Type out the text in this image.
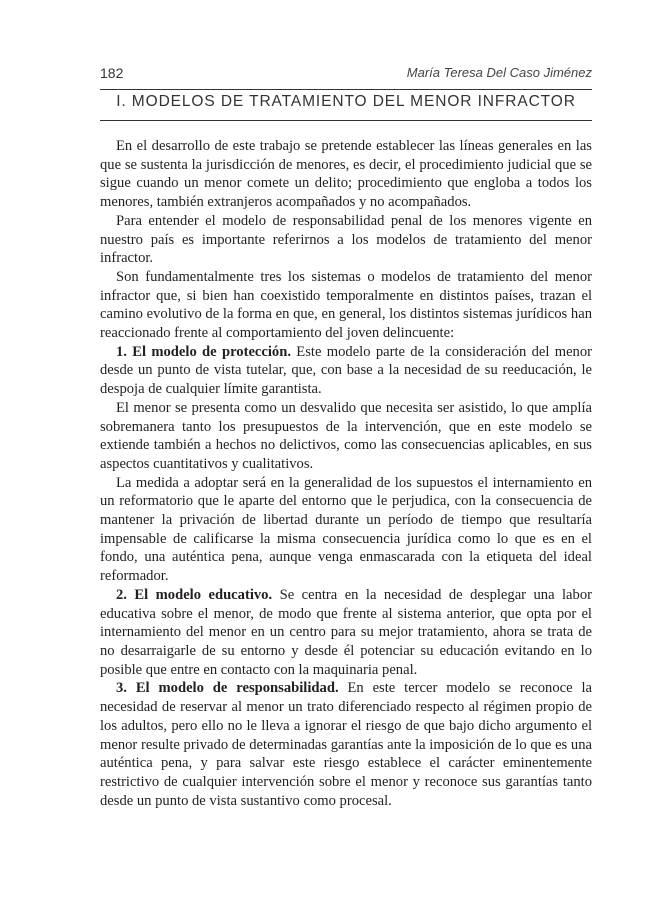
182	María Teresa Del Caso Jiménez
I. MODELOS DE TRATAMIENTO DEL MENOR INFRACTOR

En el desarrollo de este trabajo se pretende establecer las líneas generales en las que se sustenta la jurisdicción de menores, es decir, el procedimiento judicial que se sigue cuando un menor comete un delito; procedimiento que engloba a todos los menores, también extranjeros acompañados y no acompañados.

Para entender el modelo de responsabilidad penal de los menores vigente en nuestro país es importante referirnos a los modelos de tratamiento del menor infractor.

Son fundamentalmente tres los sistemas o modelos de tratamiento del menor infractor que, si bien han coexistido temporalmente en distintos países, trazan el camino evolutivo de la forma en que, en general, los distintos sistemas jurídicos han reaccionado frente al comportamiento del joven delincuente:

1. El modelo de protección. Este modelo parte de la consideración del menor desde un punto de vista tutelar, que, con base a la necesidad de su reeducación, le despoja de cualquier límite garantista.

El menor se presenta como un desvalido que necesita ser asistido, lo que amplía sobremanera tanto los presupuestos de la intervención, que en este modelo se extiende también a hechos no delictivos, como las consecuencias aplicables, en sus aspectos cuantitativos y cualitativos.

La medida a adoptar será en la generalidad de los supuestos el internamiento en un reformatorio que le aparte del entorno que le perjudica, con la consecuencia de mantener la privación de libertad durante un período de tiempo que resultaría impensable de calificarse la misma consecuencia jurídica como lo que es en el fondo, una auténtica pena, aunque venga enmascarada con la etiqueta del ideal reformador.

2. El modelo educativo. Se centra en la necesidad de desplegar una labor educativa sobre el menor, de modo que frente al sistema anterior, que opta por el internamiento del menor en un centro para su mejor tratamiento, ahora se trata de no desarraigarle de su entorno y desde él potenciar su educación evitando en lo posible que entre en contacto con la maquinaria penal.

3. El modelo de responsabilidad. En este tercer modelo se reconoce la necesidad de reservar al menor un trato diferenciado respecto al régimen propio de los adultos, pero ello no le lleva a ignorar el riesgo de que bajo dicho argumento el menor resulte privado de determinadas garantías ante la imposición de lo que es una auténtica pena, y para salvar este riesgo establece el carácter eminentemente restrictivo de cualquier intervención sobre el menor y reconoce sus garantías tanto desde un punto de vista sustantivo como procesal.
